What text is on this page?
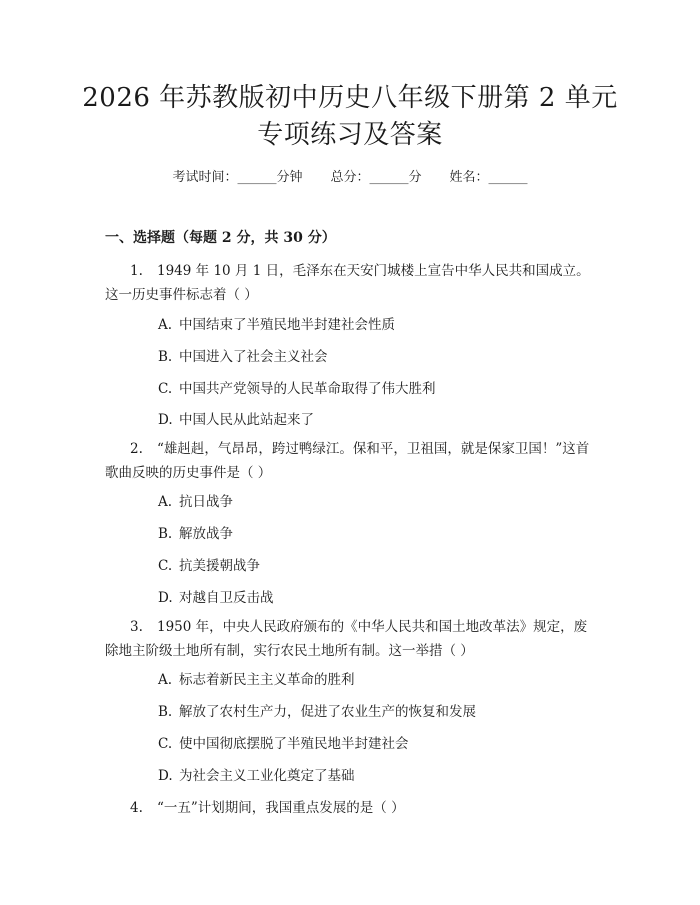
2026 年苏教版初中历史八年级下册第 2 单元
专项练习及答案
考试时间：______分钟 总分：______分 姓名：______
一、选择题（每题 2 分，共 30 分）
1. 1949 年 10 月 1 日，毛泽东在天安门城楼上宣告中华人民共和国成立。这一历史事件标志着（ ）
A. 中国结束了半殖民地半封建社会性质
B. 中国进入了社会主义社会
C. 中国共产党领导的人民革命取得了伟大胜利
D. 中国人民从此站起来了
2. “雄赳赳，气昂昂，跨过鸭绿江。保和平，卫祖国，就是保家卫国！”这首歌曲反映的历史事件是（ ）
A. 抗日战争
B. 解放战争
C. 抗美援朝战争
D. 对越自卫反击战
3. 1950 年，中央人民政府颁布的《中华人民共和国土地改革法》规定，废除地主阶级土地所有制，实行农民土地所有制。这一举措（ ）
A. 标志着新民主主义革命的胜利
B. 解放了农村生产力，促进了农业生产的恢复和发展
C. 使中国彻底摆脱了半殖民地半封建社会
D. 为社会主义工业化奠定了基础
4. “一五”计划期间，我国重点发展的是（ ）
